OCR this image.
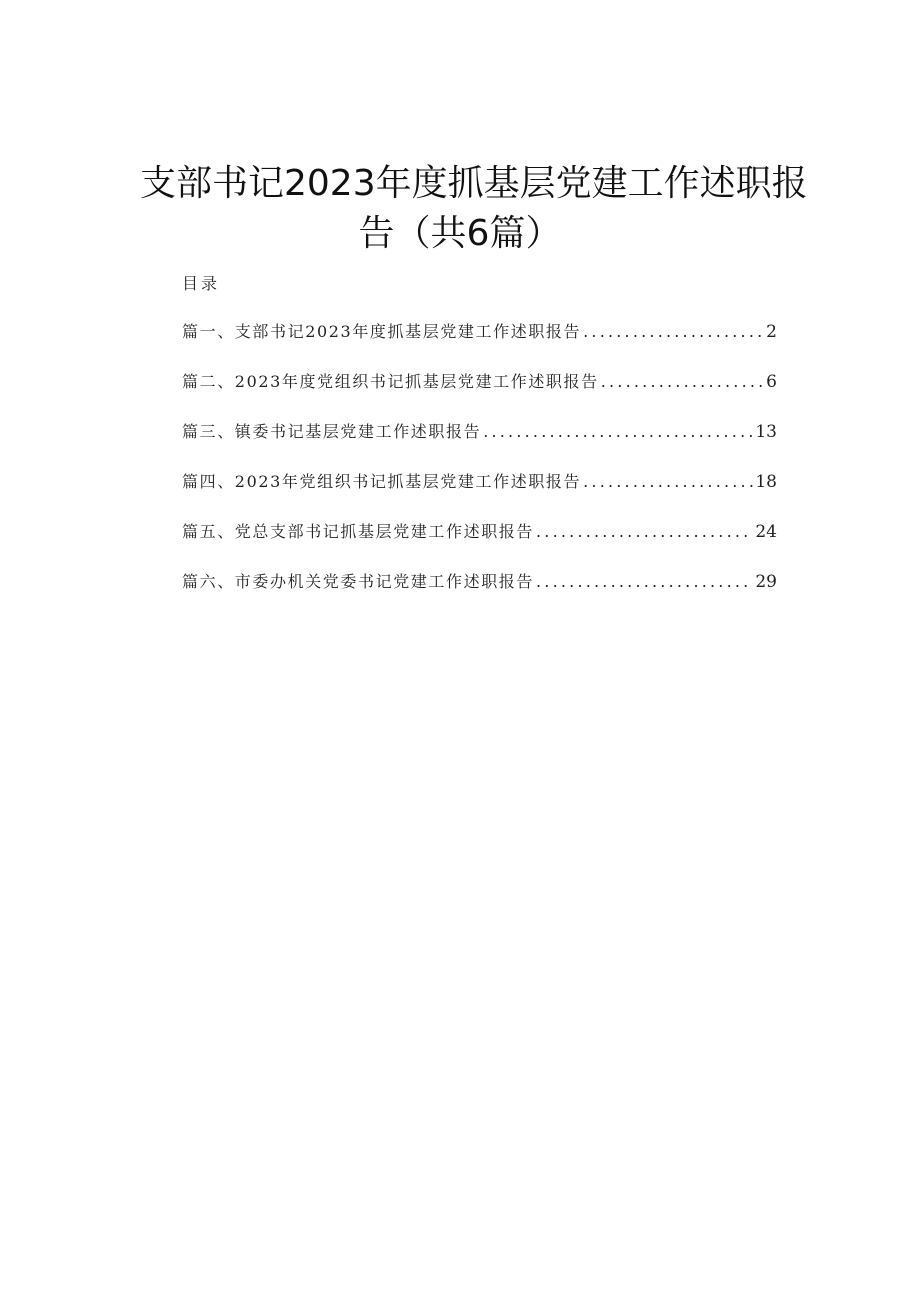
支部书记2023年度抓基层党建工作述职报
告（共6篇）
目录
篇一、支部书记2023年度抓基层党建工作述职报告 .....	2
篇二、2023年度党组织书记抓基层党建工作述职报告 .....	6
篇三、镇委书记基层党建工作述职报告 .....	13
篇四、2023年党组织书记抓基层党建工作述职报告 .....	18
篇五、党总支部书记抓基层党建工作述职报告 .....	24
篇六、市委办机关党委书记党建工作述职报告 .....	29
